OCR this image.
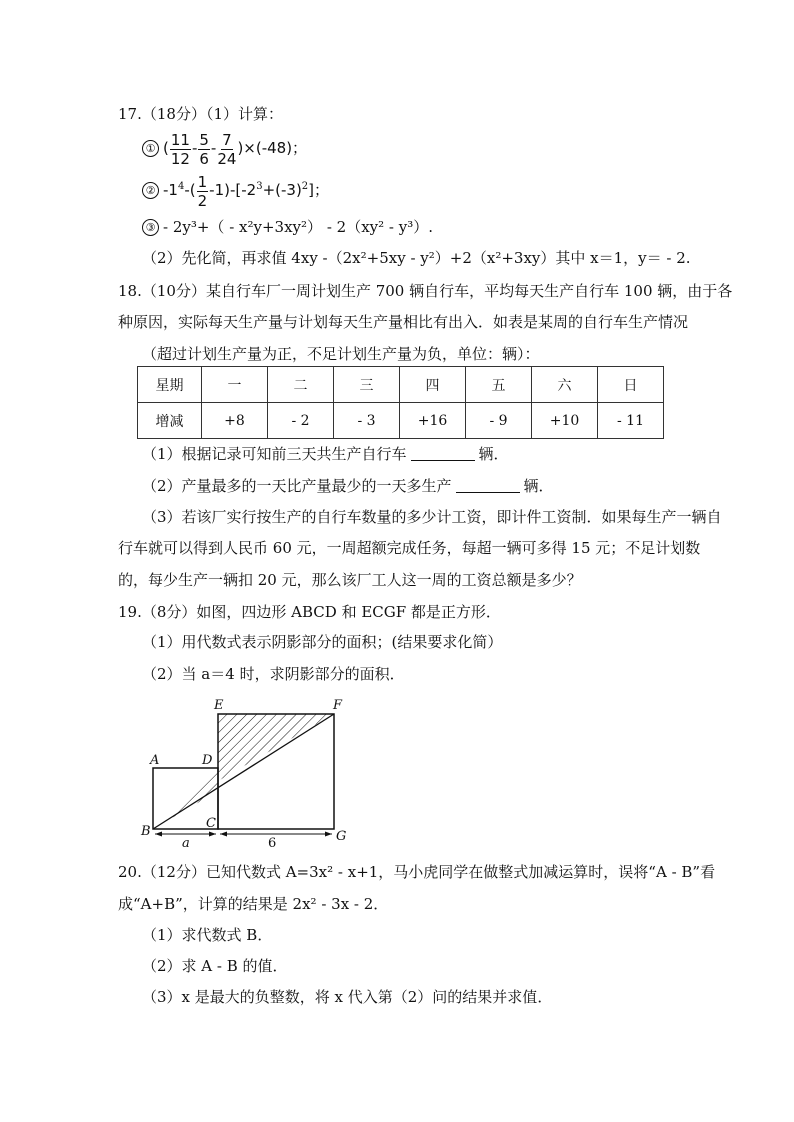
17.（18分）（1）计算：
① ( $\frac{11}{12} - \frac{5}{6} - \frac{7}{24} )\times(-48)$；
② $-1^4-( \frac{1}{2} -1)-[-2^3+(-3)^2]$；
③ - 2y³+（ - x²y+3xy²） - 2（xy² - y³）.
（2）先化简，再求值 4xy -（2x²+5xy - y²）+2（x²+3xy）其中 x＝1，y＝ - 2.
18.（10分）某自行车厂一周计划生产 700 辆自行车，平均每天生产自行车 100 辆，由于各
种原因，实际每天生产量与计划每天生产量相比有出入．如表是某周的自行车生产情况
（超过计划生产量为正，不足计划生产量为负，单位：辆）：
星期	一	二	三	四	五	六	日
增减	+8	- 2	- 3	+16	- 9	+10	- 11
（1）根据记录可知前三天共生产自行车	辆．
（2）产量最多的一天比产量最少的一天多生产	辆．
（3）若该厂实行按生产的自行车数量的多少计工资，即计件工资制．如果每生产一辆自
行车就可以得到人民币 60 元，一周超额完成任务，每超一辆可多得 15 元；不足计划数
的，每少生产一辆扣 20 元，那么该厂工人这一周的工资总额是多少？
19.（8分）如图，四边形 ABCD 和 ECGF 都是正方形．
（1）用代数式表示阴影部分的面积；(结果要求化简）
（2）当 a＝4 时，求阴影部分的面积．
E	F
A	D
B
C
G
a	6
20.（12分）已知代数式 A=3x² - x+1，马小虎同学在做整式加减运算时，误将“A - B”看
成“A+B”，计算的结果是 2x² - 3x - 2．
（1）求代数式 B．
（2）求 A - B 的值．
（3）x 是最大的负整数，将 x 代入第（2）问的结果并求值．
